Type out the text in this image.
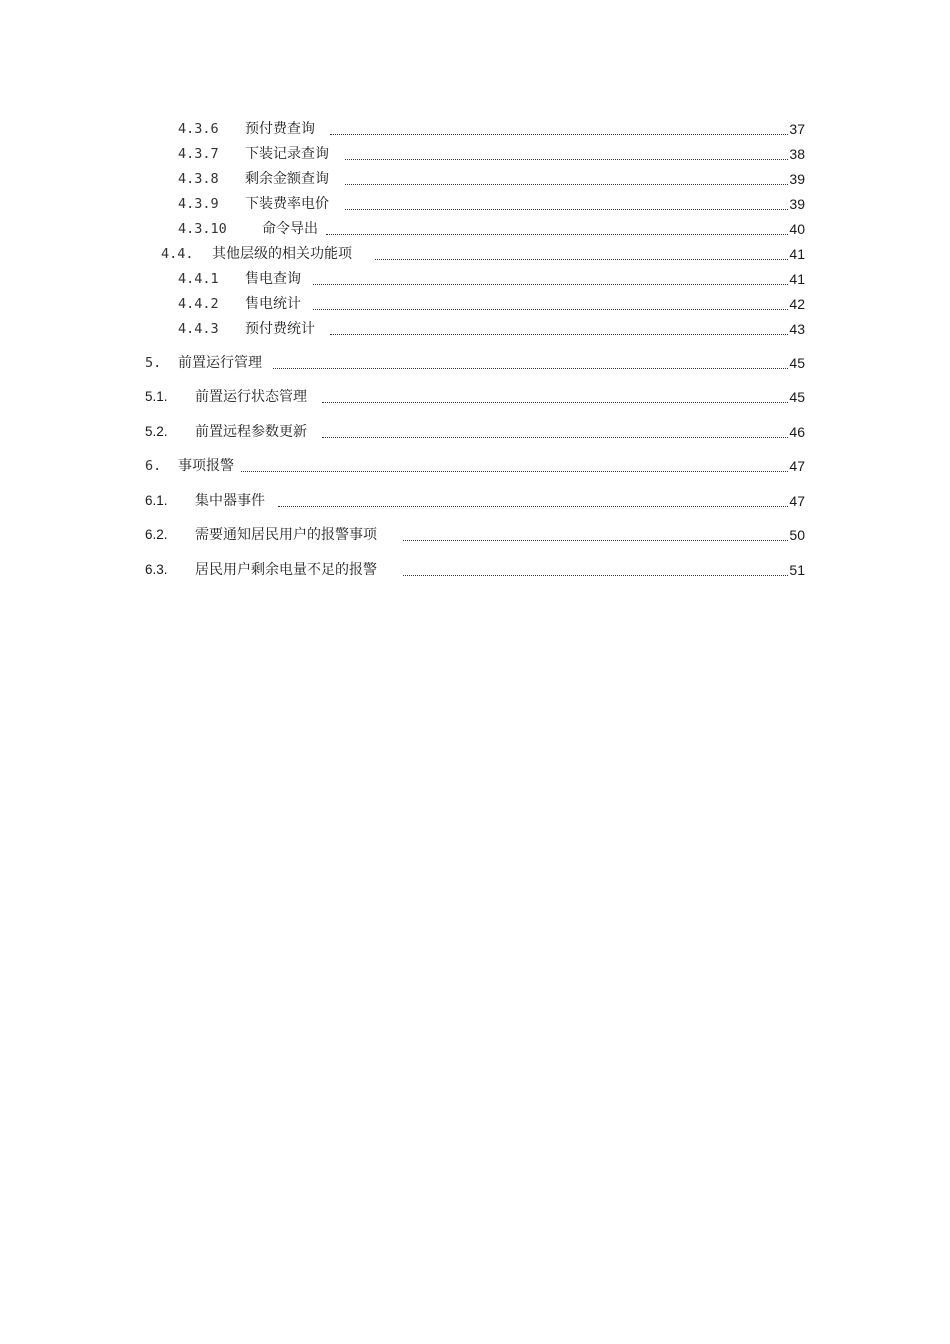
4.3.6 预付费查询	37
4.3.7 下装记录查询	38
4.3.8 剩余金额查询	39
4.3.9 下装费率电价	39
4.3.10	命令导出	40
4.4. 其他层级的相关功能项	41
4.4.1 售电查询	41
4.4.2 售电统计	42
4.4.3 预付费统计	43
5. 前置运行管理	45
5.1. 前置运行状态管理	45
5.2. 前置远程参数更新	46
6. 事项报警	47
6.1. 集中器事件	47
6.2. 需要通知居民用户的报警事项	50
6.3. 居民用户剩余电量不足的报警	51
